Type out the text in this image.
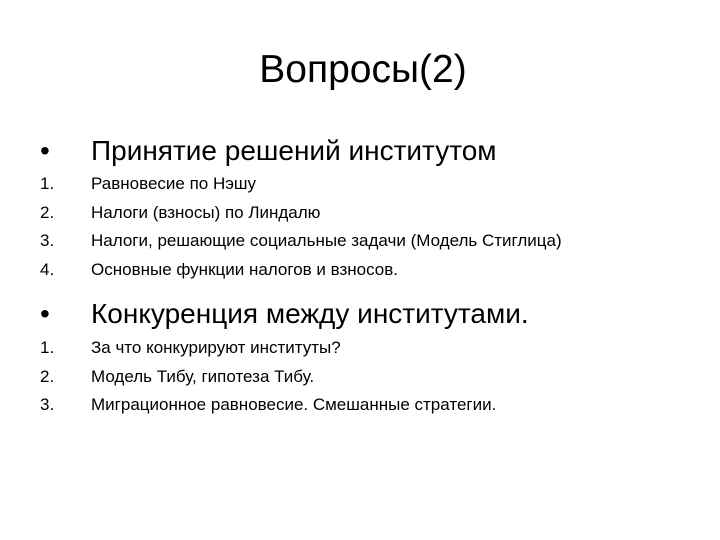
Вопросы(2)
• Принятие решений институтом
1. Равновесие по Нэшу
2. Налоги (взносы) по Линдалю
3. Налоги, решающие социальные задачи (Модель Стиглица)
4. Основные функции налогов и взносов.
• Конкуренция между институтами.
1. За что конкурируют институты?
2. Модель Тибу, гипотеза Тибу.
3. Миграционное равновесие. Смешанные стратегии.
